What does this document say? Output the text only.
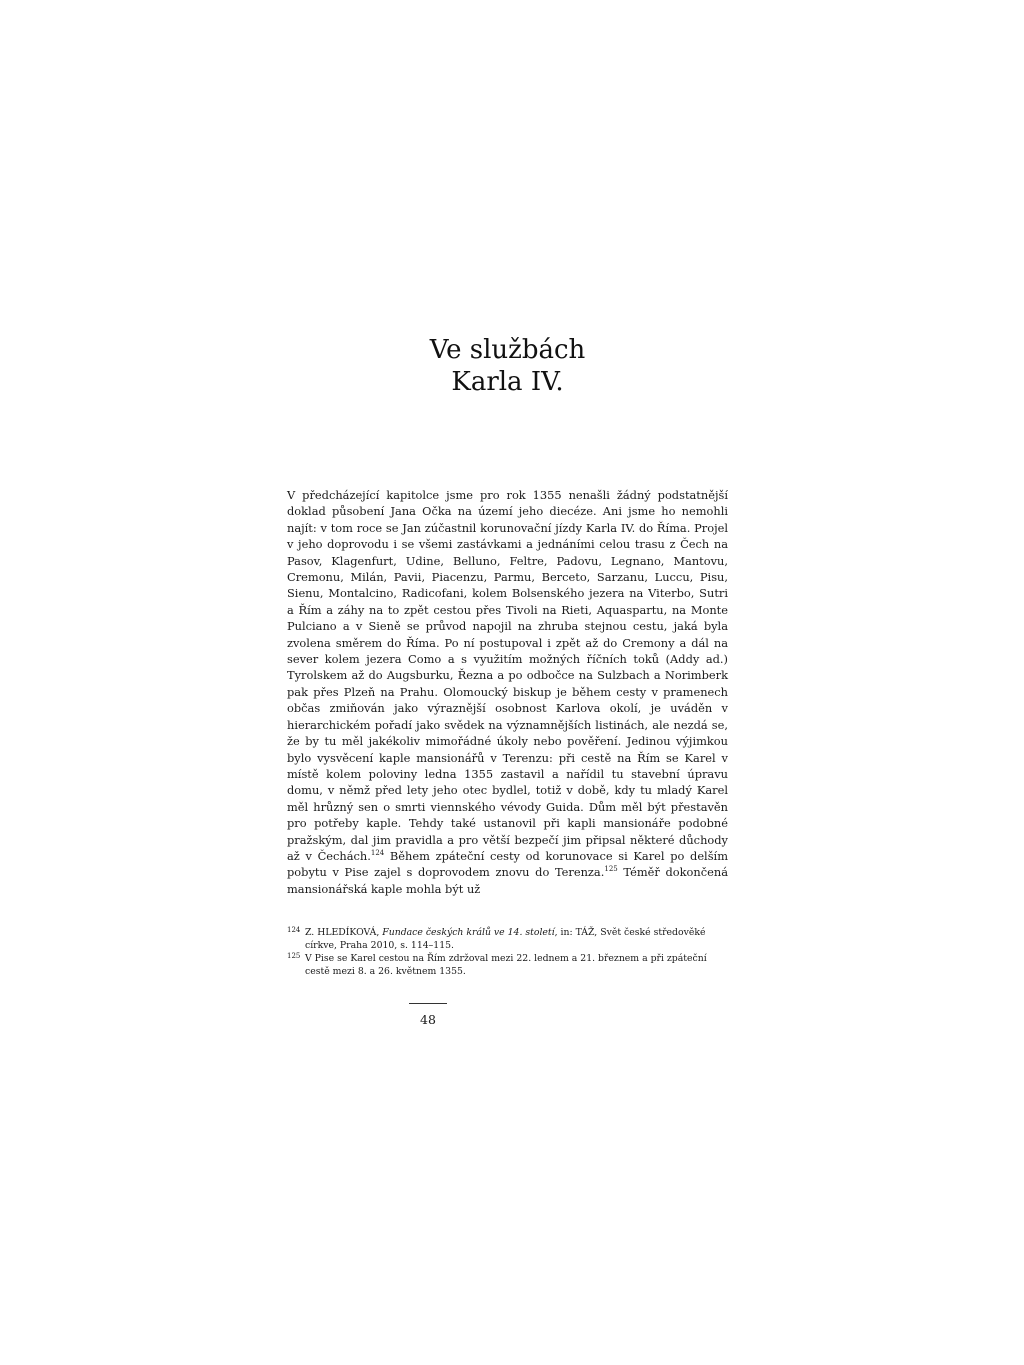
Ve službách
Karla IV.

V předcházející kapitolce jsme pro rok 1355 nenašli žádný podstatnější doklad působení Jana Očka na území jeho diecéze. Ani jsme ho nemohli najít: v tom roce se Jan zúčastnil korunovační jízdy Karla IV. do Říma. Projel v jeho doprovodu i se všemi zastávkami a jednáními celou trasu z Čech na Pasov, Klagenfurt, Udine, Belluno, Feltre, Padovu, Legnano, Mantovu, Cremonu, Milán, Pavii, Piacenzu, Parmu, Berceto, Sarzanu, Luccu, Pisu, Sienu, Montalcino, Radicofani, kolem Bolsenského jezera na Viterbo, Sutri a Řím a záhy na to zpět cestou přes Tivoli na Rieti, Aquaspartu, na Monte Pulciano a v Sieně se průvod napojil na zhruba stejnou cestu, jaká byla zvolena směrem do Říma. Po ní postupoval i zpět až do Cremony a dál na sever kolem jezera Como a s využitím možných říčních toků (Addy ad.) Tyrolskem až do Augsburku, Řezna a po odbočce na Sulzbach a Norimberk pak přes Plzeň na Prahu. Olomoucký biskup je během cesty v pramenech občas zmiňován jako výraznější osobnost Karlova okolí, je uváděn v hierarchickém pořadí jako svědek na významnějších listinách, ale nezdá se, že by tu měl jakékoliv mimořádné úkoly nebo pověření. Jedinou výjimkou bylo vysvěcení kaple mansionářů v Terenzu: při cestě na Řím se Karel v místě kolem poloviny ledna 1355 zastavil a nařídil tu stavební úpravu domu, v němž před lety jeho otec bydlel, totiž v době, kdy tu mladý Karel měl hrůzný sen o smrti viennského vévody Guida. Dům měl být přestavěn pro potřeby kaple. Tehdy také ustanovil při kapli mansionáře podobné pražským, dal jim pravidla a pro větší bezpečí jim připsal některé důchody až v Čechách.$^{124}$ Během zpáteční cesty od korunovace si Karel po delším pobytu v Pise zajel s doprovodem znovu do Terenza.$^{125}$ Téměř dokončená mansionářská kaple mohla být už

124 Z. HLEDÍKOVÁ, Fundace českých králů ve 14. století, in: TÁŽ, Svět české středověké církve, Praha 2010, s. 114–115.

125 V Pise se Karel cestou na Řím zdržoval mezi 22. lednem a 21. březnem a při zpáteční cestě mezi 8. a 26. květnem 1355.

48
